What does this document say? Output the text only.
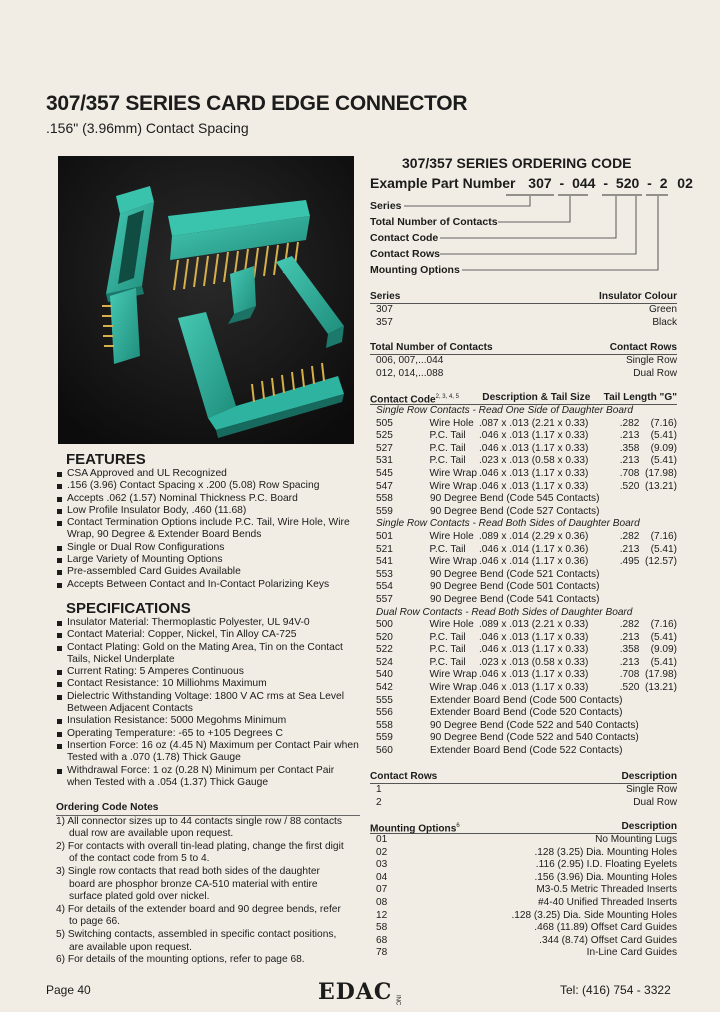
307/357 SERIES CARD EDGE CONNECTOR
.156" (3.96mm) Contact Spacing
FEATURES
CSA Approved and UL Recognized
.156 (3.96) Contact Spacing x .200 (5.08) Row Spacing
Accepts .062 (1.57) Nominal Thickness P.C. Board
Low Profile Insulator Body, .460 (11.68)
Contact Termination Options include P.C. Tail, Wire Hole, Wire Wrap, 90 Degree & Extender Board Bends
Single or Dual Row Configurations
Large Variety of Mounting Options
Pre-assembled Card Guides Available
Accepts Between Contact and In-Contact Polarizing Keys
SPECIFICATIONS
Insulator Material: Thermoplastic Polyester, UL 94V-0
Contact Material: Copper, Nickel, Tin Alloy CA-725
Contact Plating: Gold on the Mating Area, Tin on the Contact Tails, Nickel Underplate
Current Rating: 5 Amperes Continuous
Contact Resistance: 10 Milliohms Maximum
Dielectric Withstanding Voltage: 1800 V AC rms at Sea Level Between Adjacent Contacts
Insulation Resistance: 5000 Megohms Minimum
Operating Temperature: -65 to +105 Degrees C
Insertion Force: 16 oz (4.45 N) Maximum per Contact Pair when Tested with a .070 (1.78) Thick Gauge
Withdrawal Force: 1 oz (0.28 N) Minimum per Contact Pair when Tested with a .054 (1.37) Thick Gauge
Ordering Code Notes
1) All connector sizes up to 44 contacts single row / 88 contacts
dual row are available upon request.
2) For contacts with overall tin-lead plating, change the first digit
of the contact code from 5 to 4.
3) Single row contacts that read both sides of the daughter
board are phosphor bronze CA-510 material with entire
surface plated gold over nickel.
4) For details of the extender board and 90 degree bends, refer
to page 66.
5) Switching contacts, assembled in specific contact positions,
are available upon request.
6) For details of the mounting options, refer to page 68.
307/357 SERIES ORDERING CODE
Example Part Number 307 - 044 - 520 - 2 02
Series
Total Number of Contacts
Contact Code
Contact Rows
Mounting Options
Series	Insulator Colour
307	Green
357	Black
Total Number of Contacts	Contact Rows
006, 007,...044	Single Row
012, 014,...088	Dual Row
Contact Code$^{2, 3, 4, 5}$ Description & Tail Size Tail Length "G"
Single Row Contacts - Read One Side of Daughter Board
505	Wire Hole .087 x .013 (2.21 x 0.33)	.282	(7.16)
525	P.C. Tail	.046 x .013 (1.17 x 0.33)	.213	(5.41)
527	P.C. Tail	.046 x .013 (1.17 x 0.33)	.358	(9.09)
531	P.C. Tail	.023 x .013 (0.58 x 0.33)	.213	(5.41)
545	Wire Wrap .046 x .013 (1.17 x 0.33)	.708 (17.98)
547	Wire Wrap .046 x .013 (1.17 x 0.33)	.520 (13.21)
558	90 Degree Bend (Code 545 Contacts)
559	90 Degree Bend (Code 527 Contacts)
Single Row Contacts - Read Both Sides of Daughter Board
501	Wire Hole .089 x .014 (2.29 x 0.36)	.282	(7.16)
521	P.C. Tail	.046 x .014 (1.17 x 0.36)	.213	(5.41)
541	Wire Wrap .046 x .014 (1.17 x 0.36)	.495 (12.57)
553	90 Degree Bend (Code 521 Contacts)
554	90 Degree Bend (Code 501 Contacts)
557	90 Degree Bend (Code 541 Contacts)
Dual Row Contacts - Read Both Sides of Daughter Board
500	Wire Hole .089 x .013 (2.21 x 0.33)	.282	(7.16)
520	P.C. Tail	.046 x .013 (1.17 x 0.33)	.213	(5.41)
522	P.C. Tail	.046 x .013 (1.17 x 0.33)	.358	(9.09)
524	P.C. Tail	.023 x .013 (0.58 x 0.33)	.213	(5.41)
540	Wire Wrap .046 x .013 (1.17 x 0.33)	.708 (17.98)
542	Wire Wrap .046 x .013 (1.17 x 0.33)	.520 (13.21)
555	Extender Board Bend (Code 500 Contacts)
556	Extender Board Bend (Code 520 Contacts)
558	90 Degree Bend (Code 522 and 540 Contacts)
559	90 Degree Bend (Code 522 and 540 Contacts)
560	Extender Board Bend (Code 522 Contacts)
Contact Rows	Description
1	Single Row
2	Dual Row
Mounting Options$^6$	Description
01	No Mounting Lugs
02	.128 (3.25) Dia. Mounting Holes
03	.116 (2.95) I.D. Floating Eyelets
04	.156 (3.96) Dia. Mounting Holes
07	M3-0.5 Metric Threaded Inserts
08	#4-40 Unified Threaded Inserts
12	.128 (3.25) Dia. Side Mounting Holes
58	.468 (11.89) Offset Card Guides
68	.344 (8.74) Offset Card Guides
78	In-Line Card Guides
Page 40	EDAC INC
Tel: (416) 754 - 3322
